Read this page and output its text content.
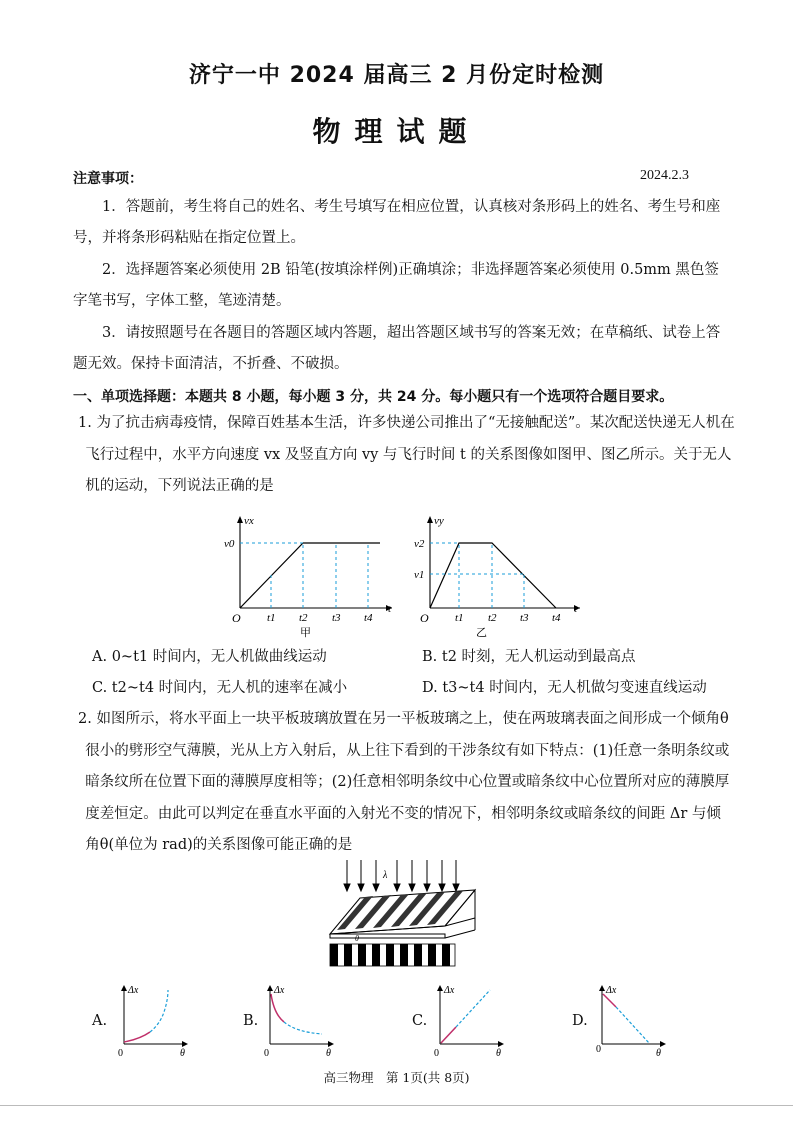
济宁一中 2024 届高三 2 月份定时检测
物理试题
注意事项：	2024.2.3
1．答题前，考生将自己的姓名、考生号填写在相应位置，认真核对条形码上的姓名、考生号和座号，并将条形码粘贴在指定位置上。
2．选择题答案必须使用 2B 铅笔(按填涂样例)正确填涂；非选择题答案必须使用 0.5mm 黑色签字笔书写，字体工整，笔迹清楚。
3．请按照题号在各题目的答题区域内答题，超出答题区域书写的答案无效；在草稿纸、试卷上答题无效。保持卡面清洁，不折叠、不破损。
一、单项选择题：本题共 8 小题，每小题 3 分，共 24 分。每小题只有一个选项符合题目要求。
1. 为了抗击病毒疫情，保障百姓基本生活，许多快递公司推出了“无接触配送”。某次配送快递无人机在飞行过程中，水平方向速度 vx 及竖直方向 vy 与飞行时间 t 的关系图像如图甲、图乙所示。关于无人机的运动，下列说法正确的是
vx
v0
O t1 t2 t3 t4
t
甲
vy
v2
v1
O t1 t2 t3 t4
t
乙
A. 0~t1 时间内，无人机做曲线运动	B. t2 时刻，无人机运动到最高点
C. t2~t4 时间内，无人机的速率在减小	D. t3~t4 时间内，无人机做匀变速直线运动
2. 如图所示，将水平面上一块平板玻璃放置在另一平板玻璃之上，使在两玻璃表面之间形成一个倾角θ很小的劈形空气薄膜，光从上方入射后，从上往下看到的干涉条纹有如下特点：(1)任意一条明条纹或暗条纹所在位置下面的薄膜厚度相等；(2)任意相邻明条纹中心位置或暗条纹中心位置所对应的薄膜厚度差恒定。由此可以判定在垂直水平面的入射光不变的情况下，相邻明条纹或暗条纹的间距 Δr 与倾角θ(单位为 rad)的关系图像可能正确的是
λ
θ
A.
Δx
0	θ
B.
Δx
0	θ
C.
Δx
0	θ
D.
Δx
0	θ
高三物理　第 1页(共 8页)
